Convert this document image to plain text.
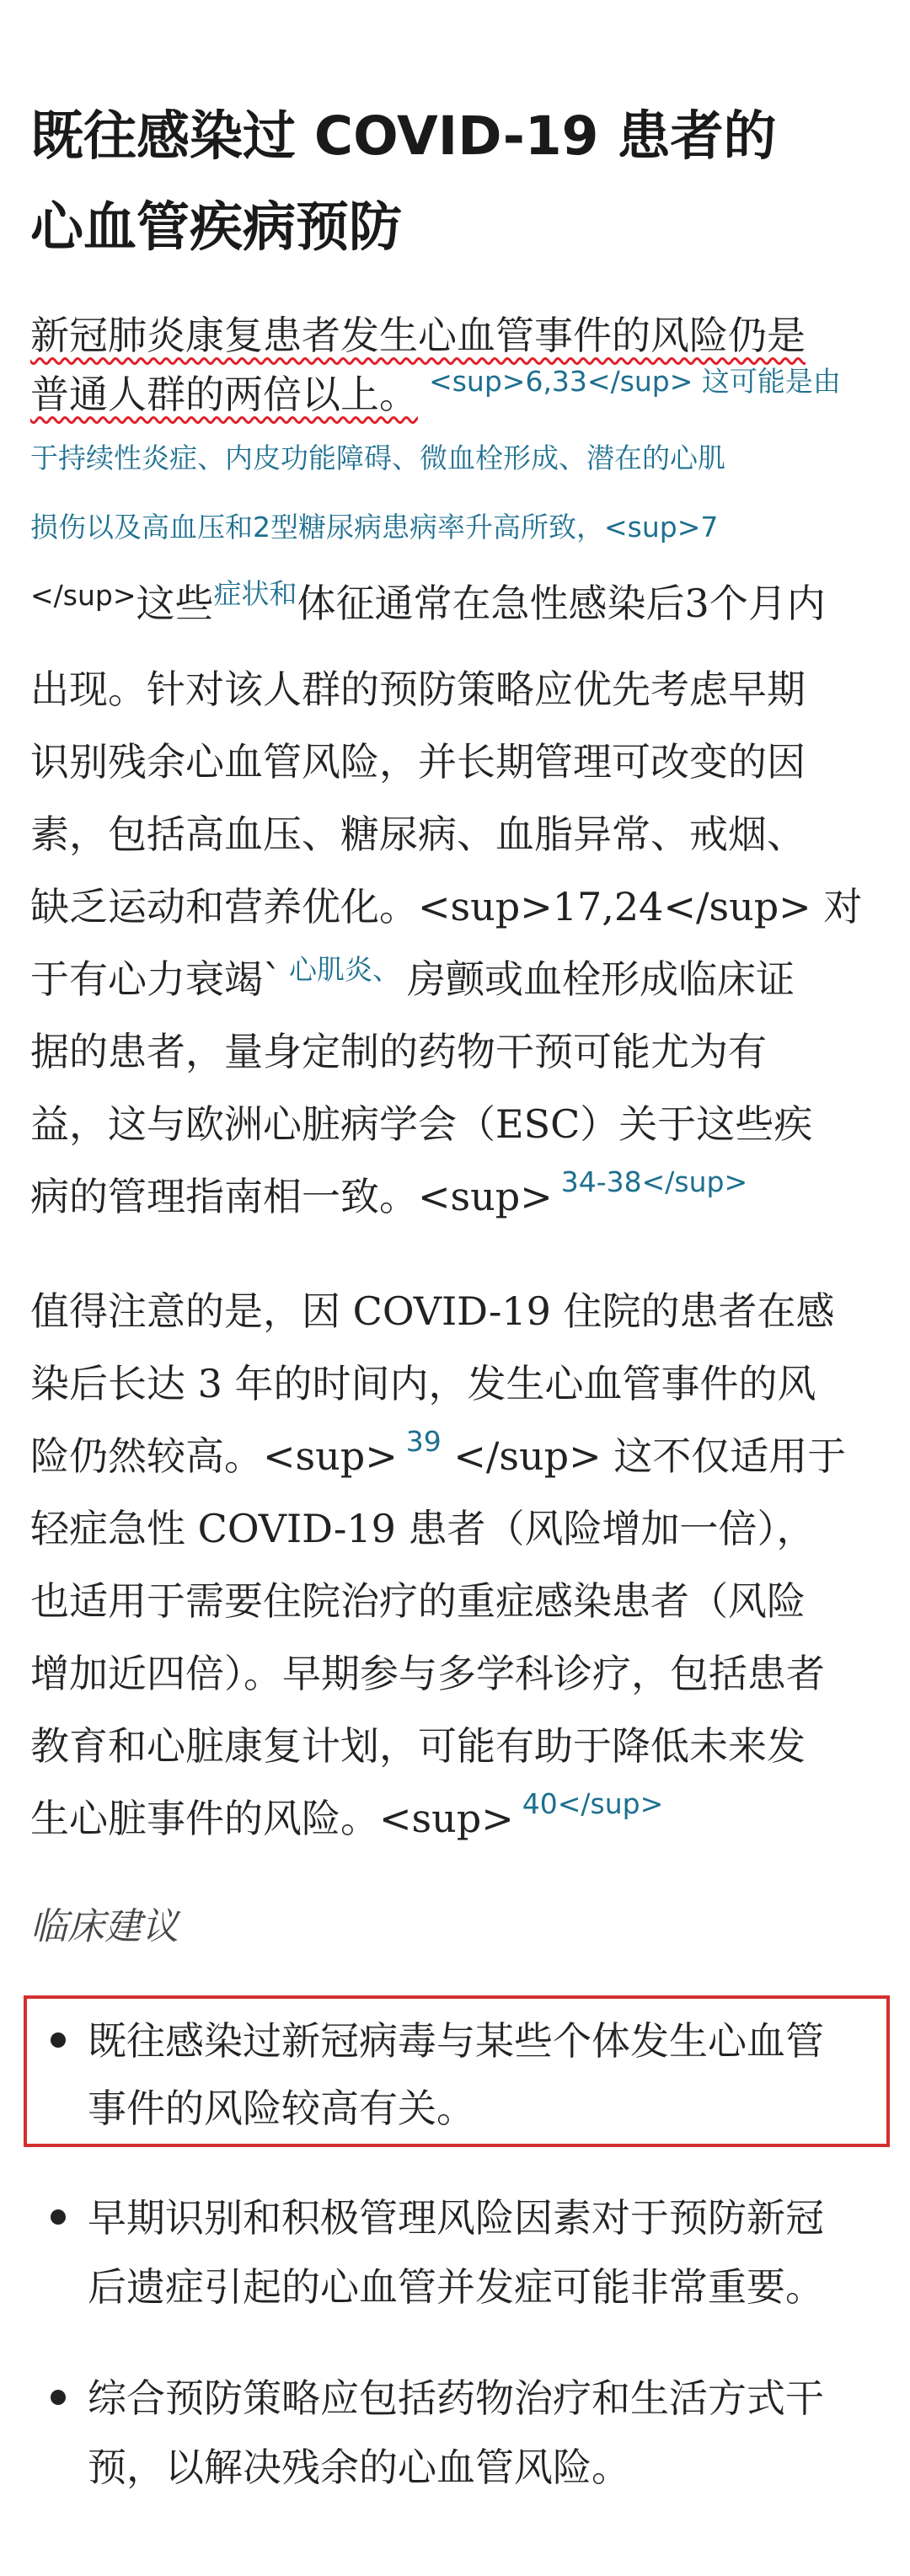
既往感染过 COVID-19 患者的
心血管疾病预防
新冠肺炎康复患者发生心血管事件的风险仍是
普通人群的两倍以上。 <sup>6,33</sup> 这可能是由
于持续性炎症、内皮功能障碍、微血栓形成、潜在的心肌
损伤以及高血压和2型糖尿病患病率升高所致，<sup>7
</sup>这些症状和体征通常在急性感染后3个月内
出现。针对该人群的预防策略应优先考虑早期
识别残余心血管风险，并长期管理可改变的因
素，包括高血压、糖尿病、血脂异常、戒烟、
缺乏运动和营养优化。<sup>17,24</sup> 对
于有心力衰竭` 心肌炎、 房颤或血栓形成临床证
据的患者，量身定制的药物干预可能尤为有
益，这与欧洲心脏病学会（ESC）关于这些疾
病的管理指南相一致。<sup> 34-38</sup>
值得注意的是，因 COVID-19 住院的患者在感
染后长达 3 年的时间内，发生心血管事件的风
险仍然较高。<sup> 39 </sup> 这不仅适用于
轻症急性 COVID-19 患者（风险增加一倍），
也适用于需要住院治疗的重症感染患者（风险
增加近四倍）。早期参与多学科诊疗，包括患者
教育和心脏康复计划，可能有助于降低未来发
生心脏事件的风险。<sup> 40</sup>
临床建议
既往感染过新冠病毒与某些个体发生心血管
事件的风险较高有关。
早期识别和积极管理风险因素对于预防新冠
后遗症引起的心血管并发症可能非常重要。
综合预防策略应包括药物治疗和生活方式干
预，以解决残余的心血管风险。
